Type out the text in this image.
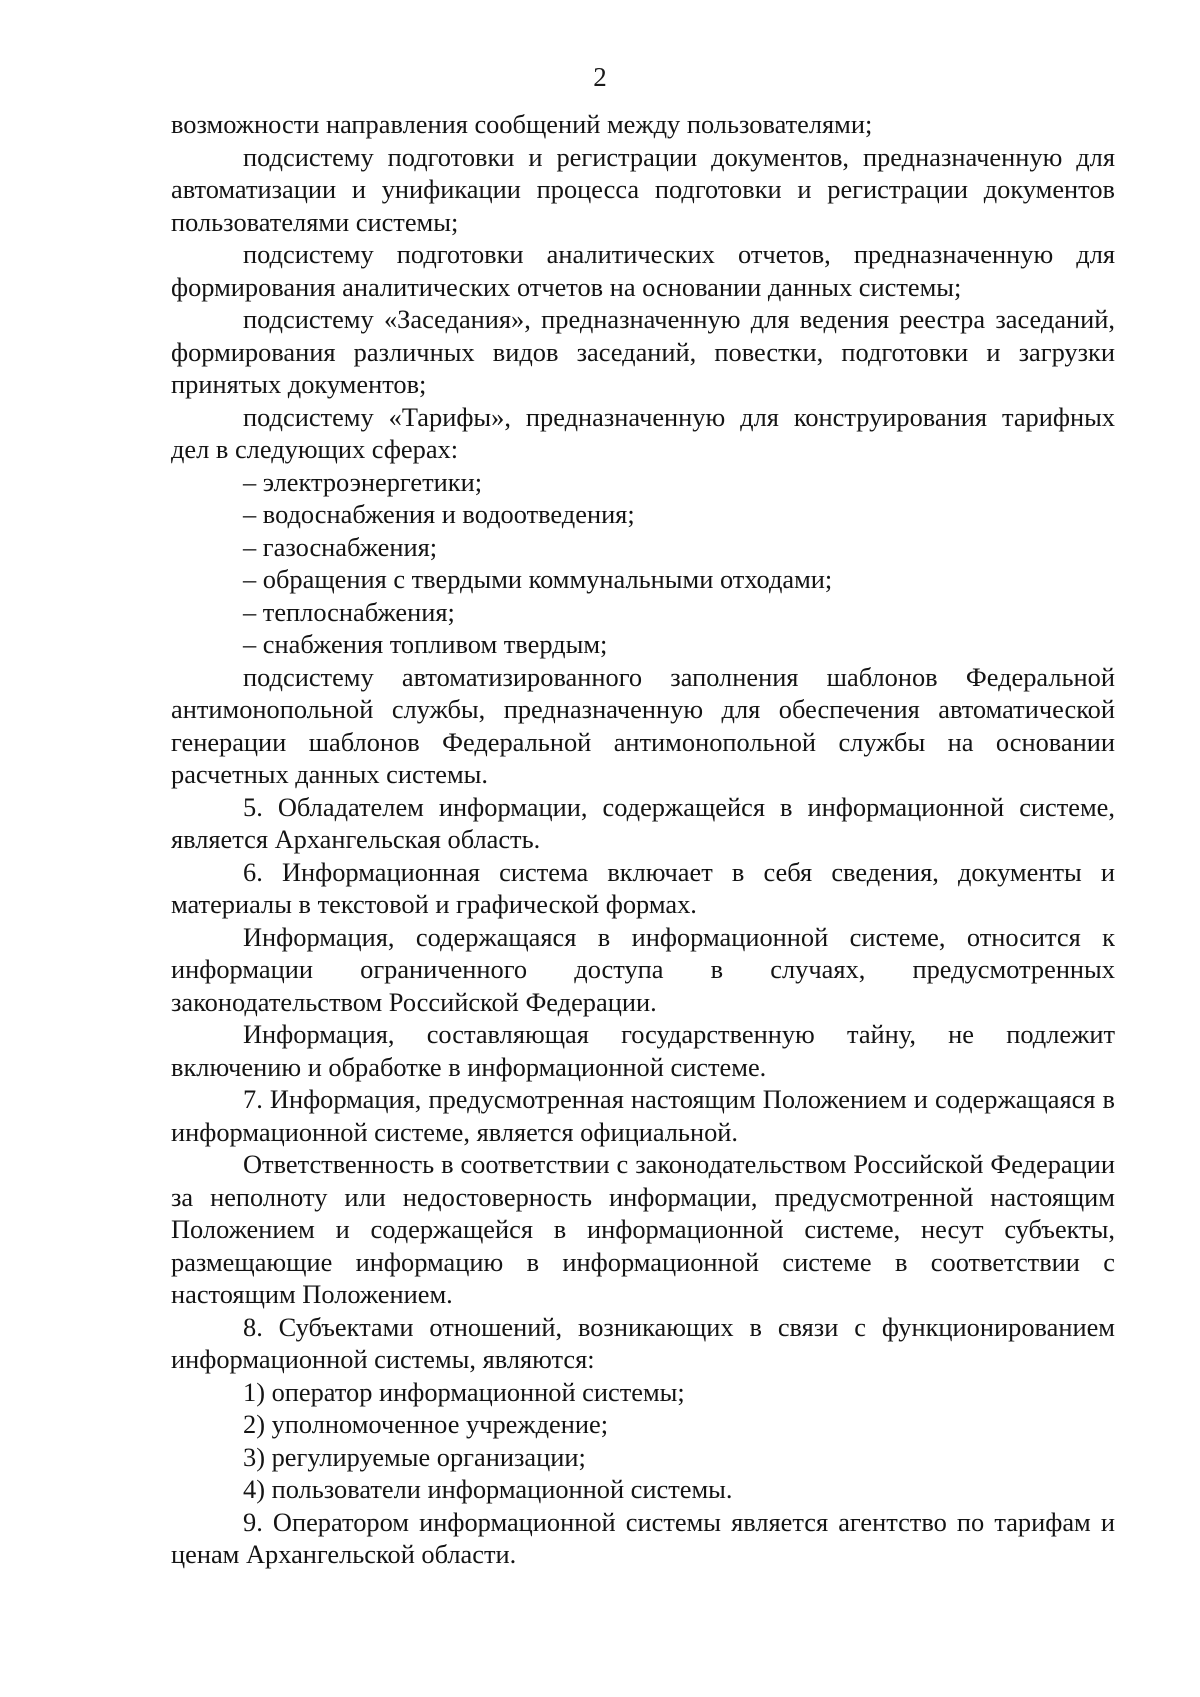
2

возможности направления сообщений между пользователями;

подсистему подготовки и регистрации документов, предназначенную для автоматизации и унификации процесса подготовки и регистрации документов пользователями системы;

подсистему подготовки аналитических отчетов, предназначенную для формирования аналитических отчетов на основании данных системы;

подсистему «Заседания», предназначенную для ведения реестра заседаний, формирования различных видов заседаний, повестки, подготовки и загрузки принятых документов;

подсистему «Тарифы», предназначенную для конструирования тарифных дел в следующих сферах:

– электроэнергетики;

– водоснабжения и водоотведения;

– газоснабжения;

– обращения с твердыми коммунальными отходами;

– теплоснабжения;

– снабжения топливом твердым;

подсистему автоматизированного заполнения шаблонов Федеральной антимонопольной службы, предназначенную для обеспечения автоматической генерации шаблонов Федеральной антимонопольной службы на основании расчетных данных системы.

5. Обладателем информации, содержащейся в информационной системе, является Архангельская область.

6. Информационная система включает в себя сведения, документы и материалы в текстовой и графической формах.

Информация, содержащаяся в информационной системе, относится к информации ограниченного доступа в случаях, предусмотренных законодательством Российской Федерации.

Информация, составляющая государственную тайну, не подлежит включению и обработке в информационной системе.

7. Информация, предусмотренная настоящим Положением и содержащаяся в информационной системе, является официальной.

Ответственность в соответствии с законодательством Российской Федерации за неполноту или недостоверность информации, предусмотренной настоящим Положением и содержащейся в информационной системе, несут субъекты, размещающие информацию в информационной системе в соответствии с настоящим Положением.

8. Субъектами отношений, возникающих в связи с функционированием информационной системы, являются:

1) оператор информационной системы;

2) уполномоченное учреждение;

3) регулируемые организации;

4) пользователи информационной системы.

9. Оператором информационной системы является агентство по тарифам и ценам Архангельской области.
